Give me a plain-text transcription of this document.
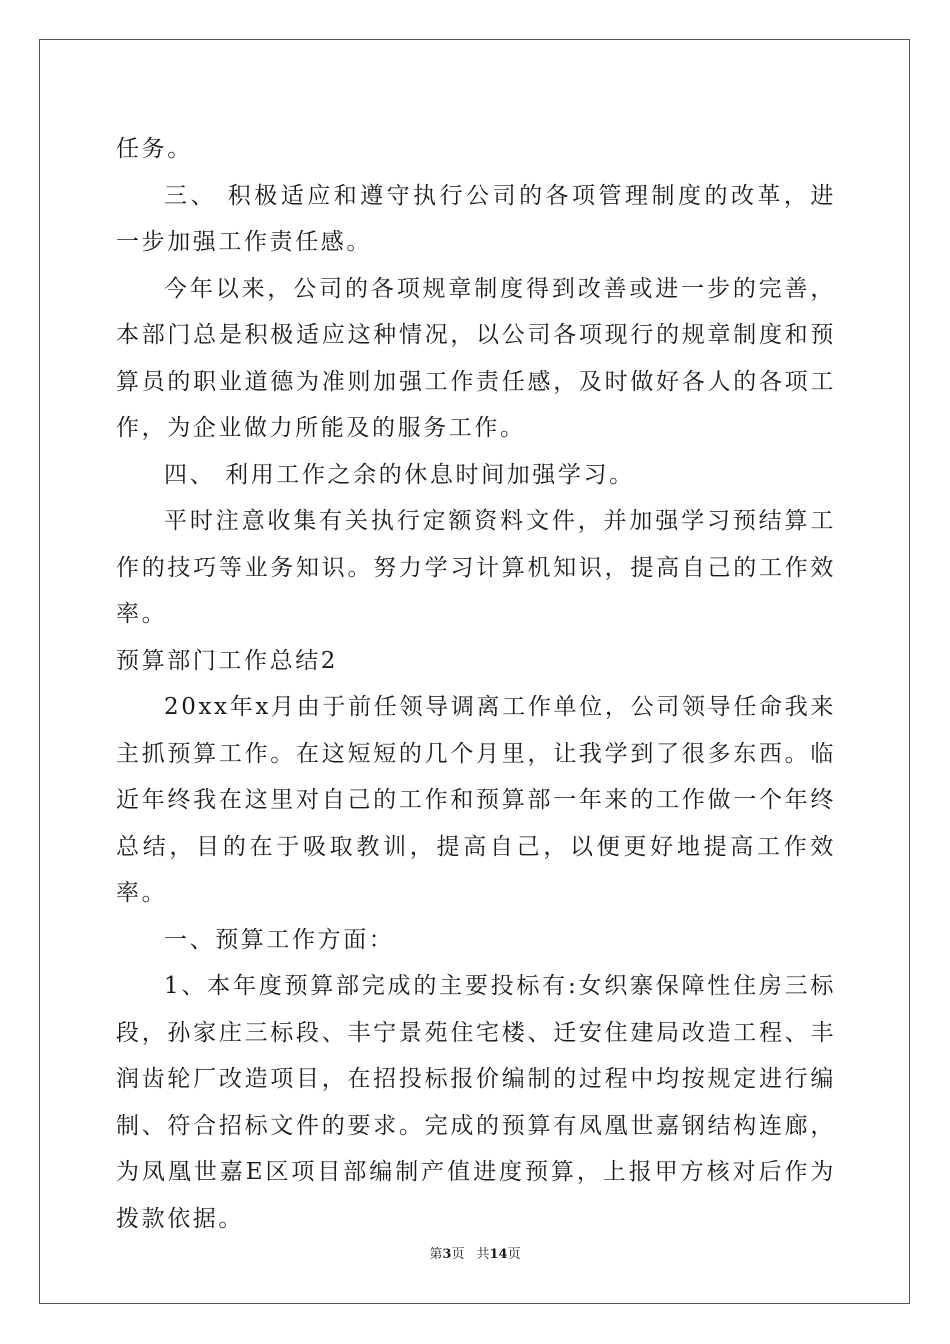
任务。

三、 积极适应和遵守执行公司的各项管理制度的改革，进一步加强工作责任感。

今年以来，公司的各项规章制度得到改善或进一步的完善，本部门总是积极适应这种情况，以公司各项现行的规章制度和预算员的职业道德为准则加强工作责任感，及时做好各人的各项工作，为企业做力所能及的服务工作。

四、 利用工作之余的休息时间加强学习。

平时注意收集有关执行定额资料文件，并加强学习预结算工作的技巧等业务知识。努力学习计算机知识，提高自己的工作效率。

预算部门工作总结2

20xx年x月由于前任领导调离工作单位，公司领导任命我来主抓预算工作。在这短短的几个月里，让我学到了很多东西。临近年终我在这里对自己的工作和预算部一年来的工作做一个年终总结，目的在于吸取教训，提高自己，以便更好地提高工作效率。

一、预算工作方面：

1、本年度预算部完成的主要投标有:女织寨保障性住房三标段，孙家庄三标段、丰宁景苑住宅楼、迁安住建局改造工程、丰润齿轮厂改造项目，在招投标报价编制的过程中均按规定进行编制、符合招标文件的要求。完成的预算有凤凰世嘉钢结构连廊，为凤凰世嘉E区项目部编制产值进度预算，上报甲方核对后作为拨款依据。

第3页 共14页
